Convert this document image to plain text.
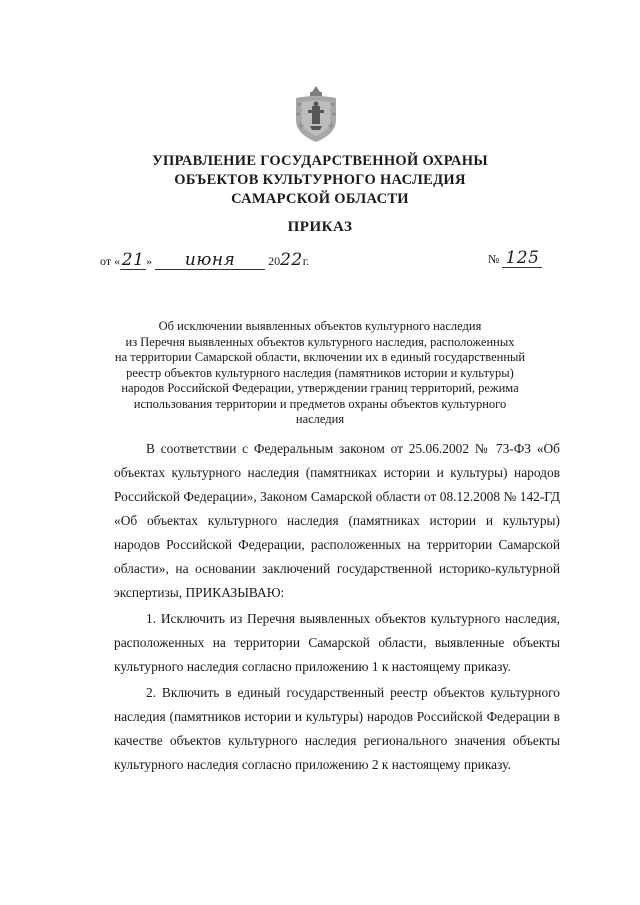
УПРАВЛЕНИЕ ГОСУДАРСТВЕННОЙ ОХРАНЫ
ОБЪЕКТОВ КУЛЬТУРНОГО НАСЛЕДИЯ
САМАРСКОЙ ОБЛАСТИ
ПРИКАЗ
от «21 » июня	2022г.	№ 125
Об исключении выявленных объектов культурного наследия
из Перечня выявленных объектов культурного наследия, расположенных
на территории Самарской области, включении их в единый государственный
реестр объектов культурного наследия (памятников истории и культуры)
народов Российской Федерации, утверждении границ территорий, режима
использования территории и предметов охраны объектов культурного
наследия

В соответствии с Федеральным законом от 25.06.2002 № 73-ФЗ «Об объектах культурного наследия (памятниках истории и культуры) народов Российской Федерации», Законом Самарской области от 08.12.2008 № 142-ГД «Об объектах культурного наследия (памятниках истории и культуры) народов Российской Федерации, расположенных на территории Самарской области», на основании заключений государственной историко-культурной экспертизы, ПРИКАЗЫВАЮ:

1. Исключить из Перечня выявленных объектов культурного наследия, расположенных на территории Самарской области, выявленные объекты культурного наследия согласно приложению 1 к настоящему приказу.

2. Включить в единый государственный реестр объектов культурного наследия (памятников истории и культуры) народов Российской Федерации в качестве объектов культурного наследия регионального значения объекты культурного наследия согласно приложению 2 к настоящему приказу.
